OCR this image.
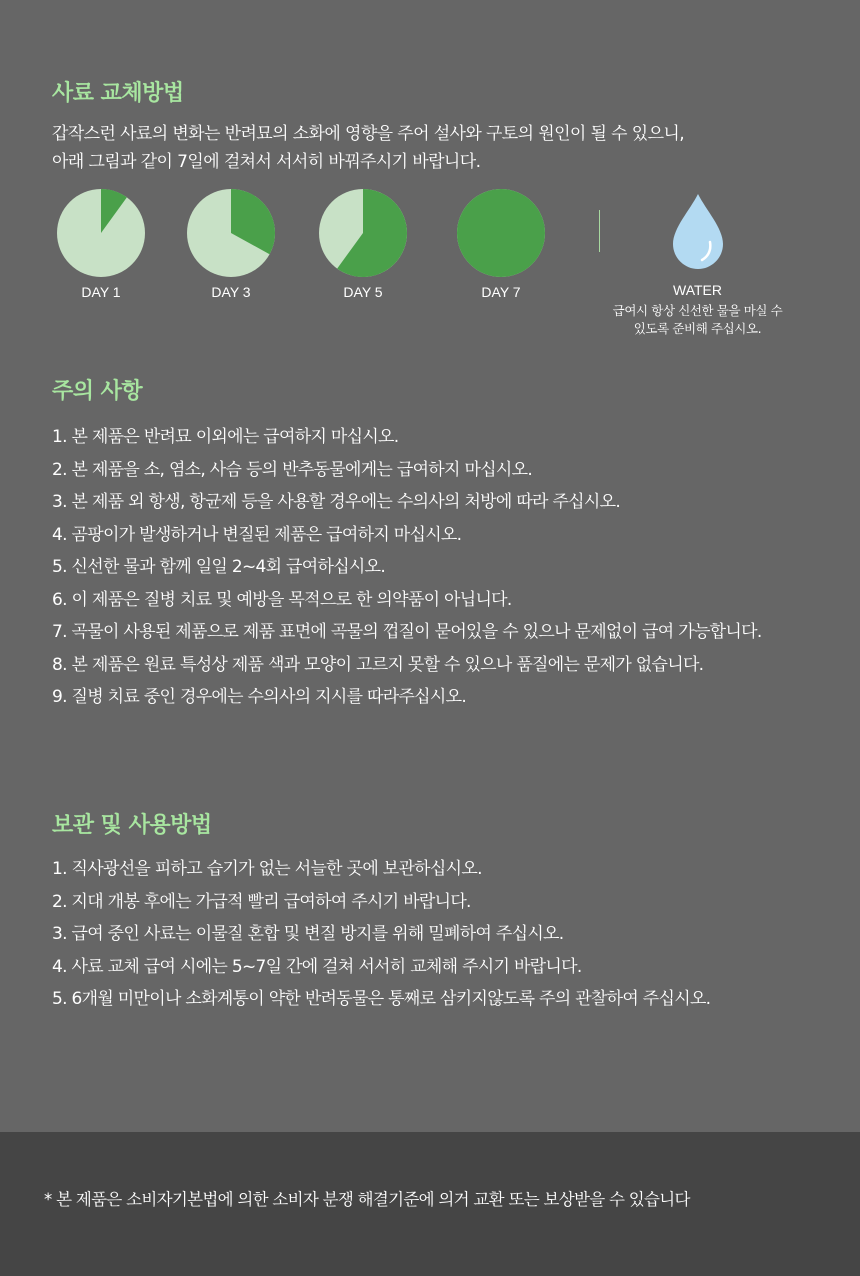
사료 교체방법

갑작스런 사료의 변화는 반려묘의 소화에 영향을 주어 설사와 구토의 원인이 될 수 있으니,

아래 그림과 같이 7일에 걸쳐서 서서히 바꿔주시기 바랍니다.

DAY 1	DAY 3	DAY 5	DAY 7	WATER
급여시 항상 신선한 물을 마실 수
있도록 준비해 주십시오.
주의 사항
1. 본 제품은 반려묘 이외에는 급여하지 마십시오.
2. 본 제품을 소, 염소, 사슴 등의 반추동물에게는 급여하지 마십시오.
3. 본 제품 외 항생, 항균제 등을 사용할 경우에는 수의사의 처방에 따라 주십시오.
4. 곰팡이가 발생하거나 변질된 제품은 급여하지 마십시오.
5. 신선한 물과 함께 일일 2~4회 급여하십시오.
6. 이 제품은 질병 치료 및 예방을 목적으로 한 의약품이 아닙니다.
7. 곡물이 사용된 제품으로 제품 표면에 곡물의 껍질이 묻어있을 수 있으나 문제없이 급여 가능합니다.
8. 본 제품은 원료 특성상 제품 색과 모양이 고르지 못할 수 있으나 품질에는 문제가 없습니다.
9. 질병 치료 중인 경우에는 수의사의 지시를 따라주십시오.
보관 및 사용방법
1. 직사광선을 피하고 습기가 없는 서늘한 곳에 보관하십시오.
2. 지대 개봉 후에는 가급적 빨리 급여하여 주시기 바랍니다.
3. 급여 중인 사료는 이물질 혼합 및 변질 방지를 위해 밀폐하여 주십시오.
4. 사료 교체 급여 시에는 5~7일 간에 걸쳐 서서히 교체해 주시기 바랍니다.
5. 6개월 미만이나 소화계통이 약한 반려동물은 통째로 삼키지않도록 주의 관찰하여 주십시오.

* 본 제품은 소비자기본법에 의한 소비자 분쟁 해결기준에 의거 교환 또는 보상받을 수 있습니다
